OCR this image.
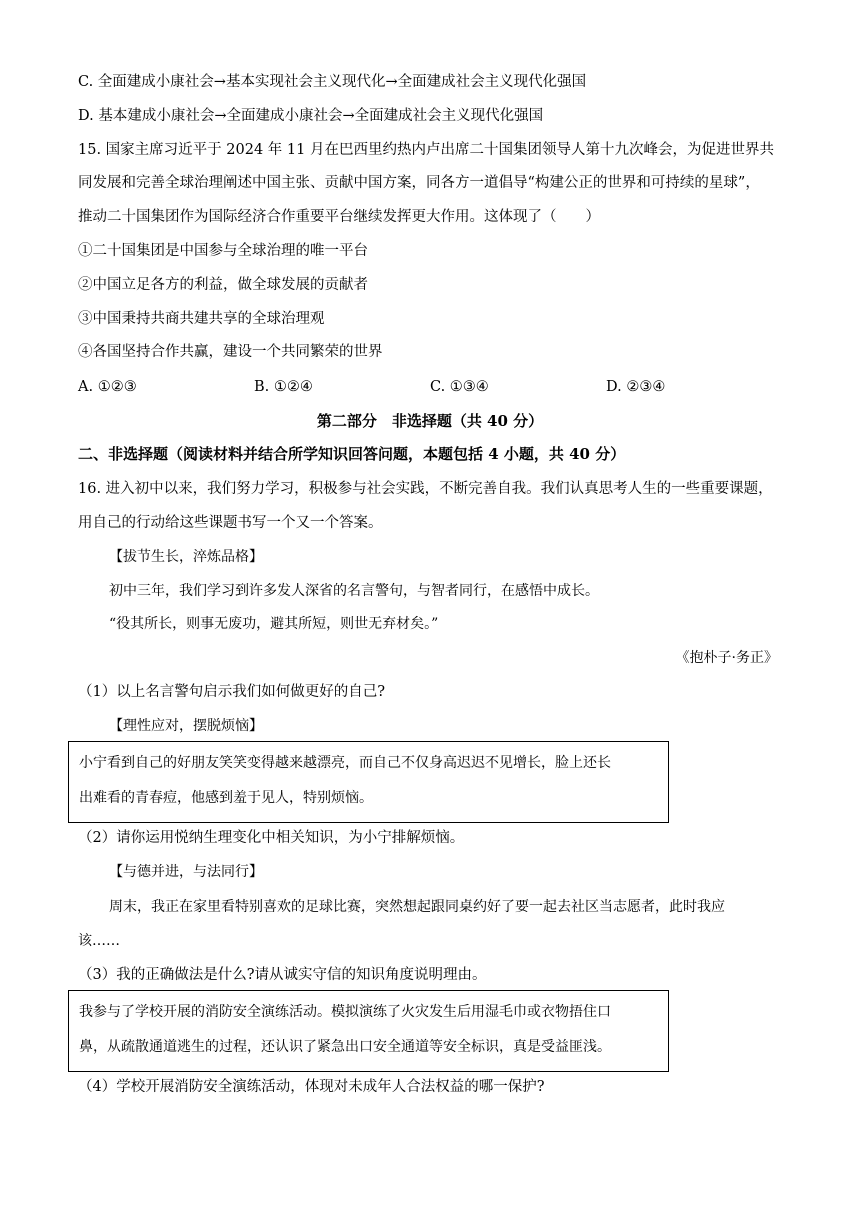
C. 全面建成小康社会→基本实现社会主义现代化→全面建成社会主义现代化强国
D. 基本建成小康社会→全面建成小康社会→全面建成社会主义现代化强国
15. 国家主席习近平于 2024 年 11 月在巴西里约热内卢出席二十国集团领导人第十九次峰会，为促进世界共
同发展和完善全球治理阐述中国主张、贡献中国方案，同各方一道倡导“构建公正的世界和可持续的星球”，
推动二十国集团作为国际经济合作重要平台继续发挥更大作用。这体现了（　　）
①二十国集团是中国参与全球治理的唯一平台
②中国立足各方的利益，做全球发展的贡献者
③中国秉持共商共建共享的全球治理观
④各国坚持合作共赢，建设一个共同繁荣的世界
A. ①②③	B. ①②④	C. ①③④	D. ②③④
第二部分　非选择题（共 40 分）
二、非选择题（阅读材料并结合所学知识回答问题，本题包括 4 小题，共 40 分）
16. 进入初中以来，我们努力学习，积极参与社会实践，不断完善自我。我们认真思考人生的一些重要课题，
用自己的行动给这些课题书写一个又一个答案。
【拔节生长，淬炼品格】
初中三年，我们学习到许多发人深省的名言警句，与智者同行，在感悟中成长。
“役其所长，则事无废功，避其所短，则世无弃材矣。”
《抱朴子·务正》
（1）以上名言警句启示我们如何做更好的自己?
【理性应对，摆脱烦恼】
小宁看到自己的好朋友笑笑变得越来越漂亮，而自己不仅身高迟迟不见增长，脸上还长
出难看的青春痘，他感到羞于见人，特别烦恼。
（2）请你运用悦纳生理变化中相关知识，为小宁排解烦恼。
【与德并进，与法同行】
周末，我正在家里看特别喜欢的足球比赛，突然想起跟同桌约好了要一起去社区当志愿者，此时我应
该……
（3）我的正确做法是什么?请从诚实守信的知识角度说明理由。
我参与了学校开展的消防安全演练活动。模拟演练了火灾发生后用湿毛巾或衣物捂住口
鼻，从疏散通道逃生的过程，还认识了紧急出口安全通道等安全标识，真是受益匪浅。
（4）学校开展消防安全演练活动，体现对未成年人合法权益的哪一保护?
